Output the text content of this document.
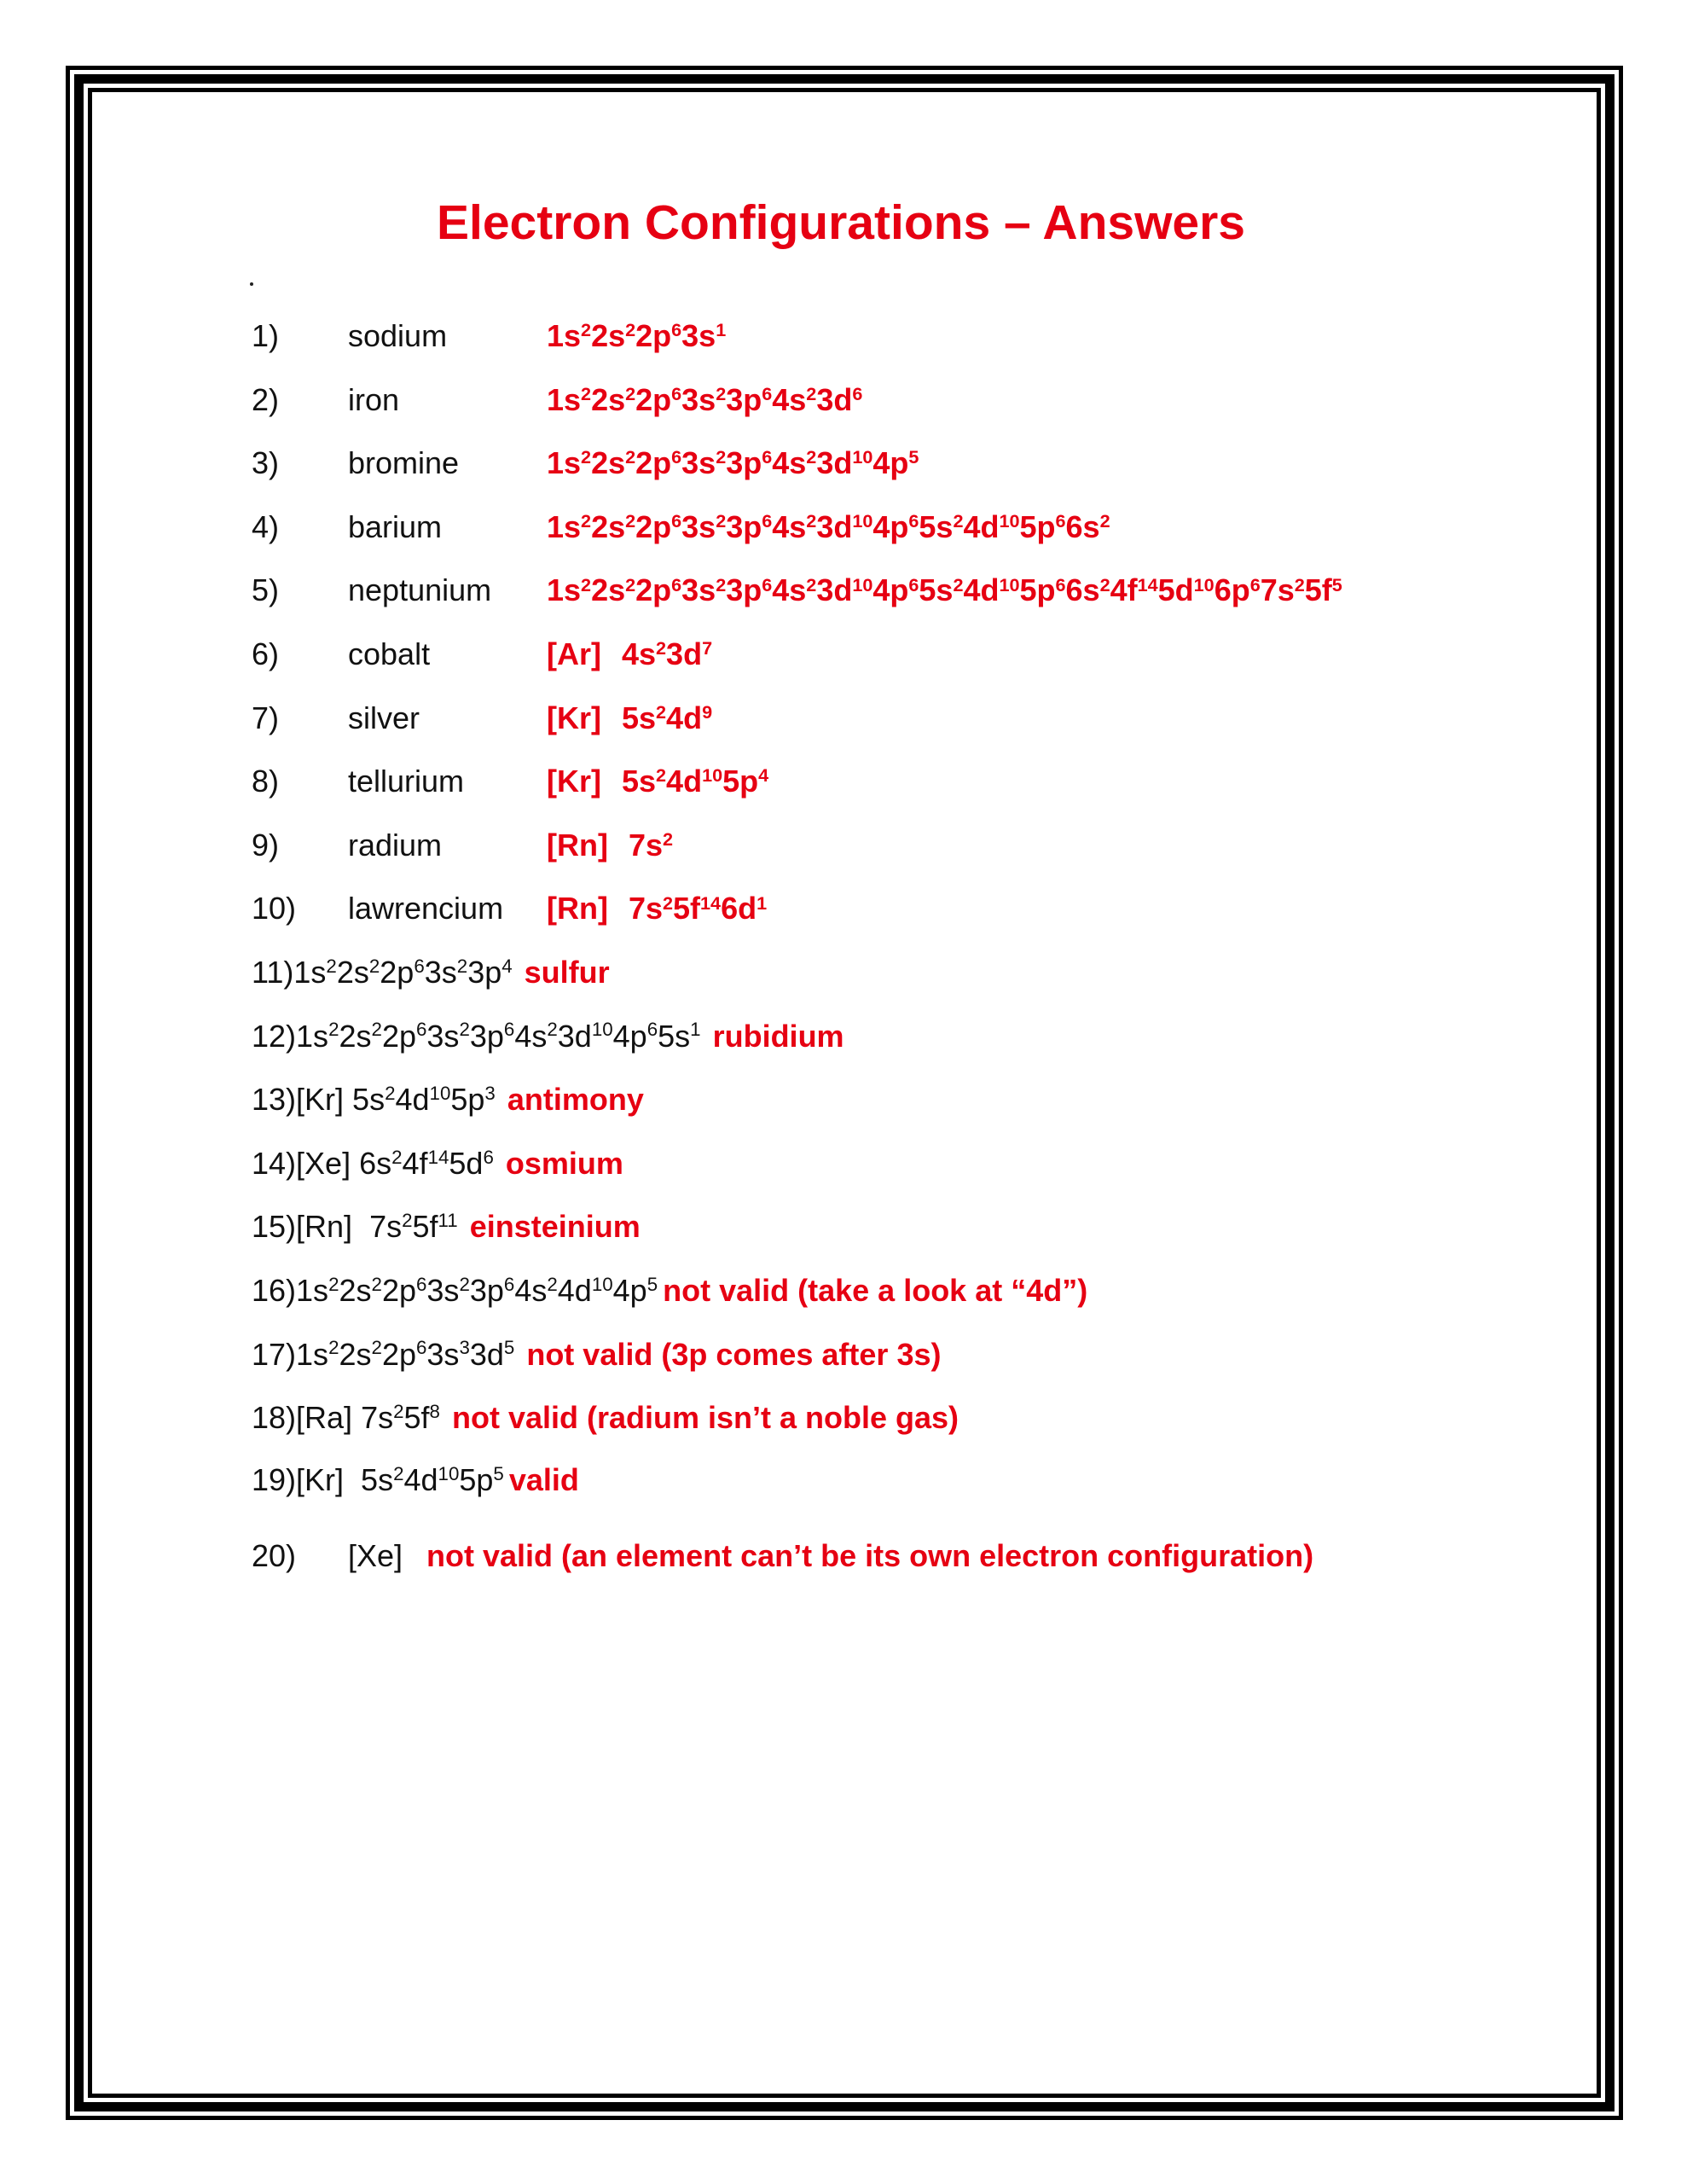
Electron Configurations – Answers
1) sodium	$1s^22s^22p^63s^1$
2) iron	$1s^22s^22p^63s^23p^64s^23d^6$
3) bromine	$1s^22s^22p^63s^23p^64s^23d^{10}4p^5$
4) barium	$1s^22s^22p^63s^23p^64s^23d^{10}4p^65s^24d^{10}5p^66s^2$
5) neptunium $1s^22s^22p^63s^23p^64s^23d^{10}4p^65s^24d^{10}5p^66s^24f^{14}5d^{10}6p^67s^25f^5$
6) cobalt	[Ar] $4s^23d^7$
7) silver	[Kr] $5s^24d^9$
8) tellurium	[Kr] $5s^24d^{10}5p^4$
9) radium	[Rn] $7s^2$
10) lawrencium [Rn] $7s^25f^{14}6d^1$
$11)1s^22s^22p^63s^23p^4$ sulfur
$12)1s^22s^22p^63s^23p^64s^23d^{10}4p^65s^1$ rubidium
13)[Kr] $5s^24d^{10}5p^3$ antimony
14)[Xe] $6s^24f^{14}5d^6$ osmium
15)[Rn]  $7s^25f^{11}$ einsteinium
$16)1s^22s^22p^63s^23p^64s^24d^{10}4p^5$ not valid (take a look at “4d”)
$17)1s^22s^22p^63s^33d^5$ not valid (3p comes after 3s)
18)[Ra] $7s^25f^8$ not valid (radium isn’t a noble gas)
19)[Kr]  $5s^24d^{10}5p^5$ valid
20) [Xe] not valid (an element can’t be its own electron configuration)
